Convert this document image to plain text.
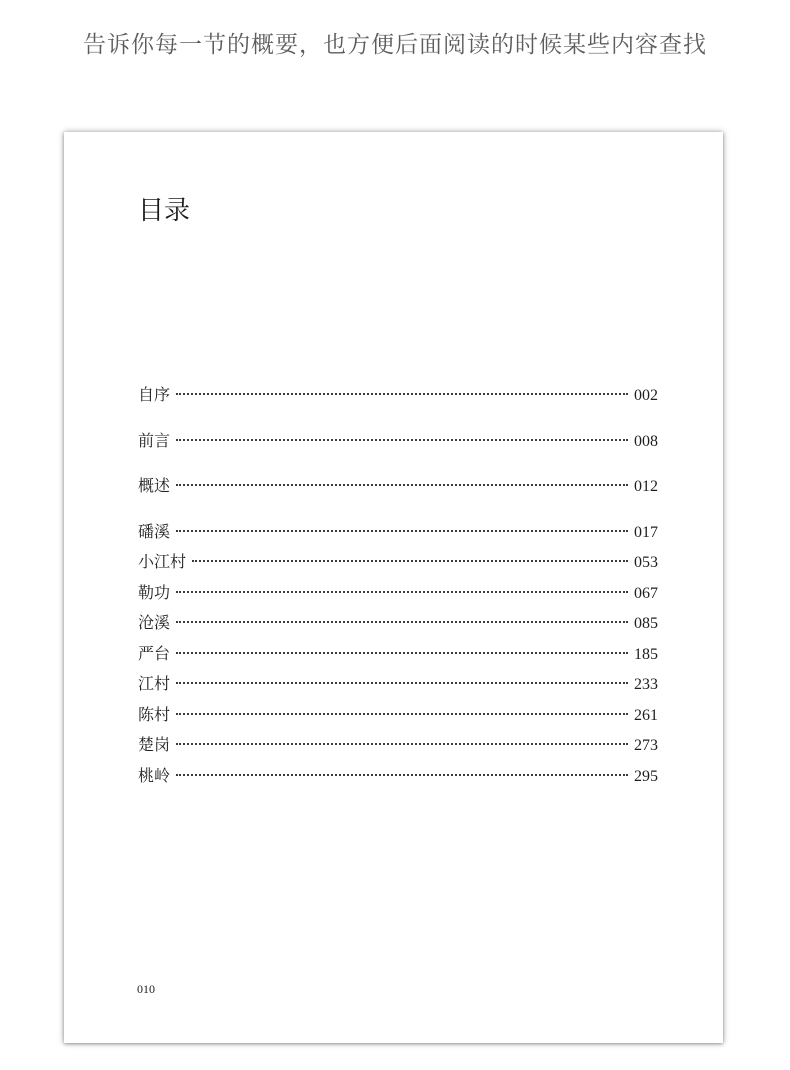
告诉你每一节的概要，也方便后面阅读的时候某些内容查找
目录
自序	002
前言	008
概述	012
磻溪	017
小江村	053
勒功	067
沧溪	085
严台	185
江村	233
陈村	261
楚岗	273
桃岭	295
010
